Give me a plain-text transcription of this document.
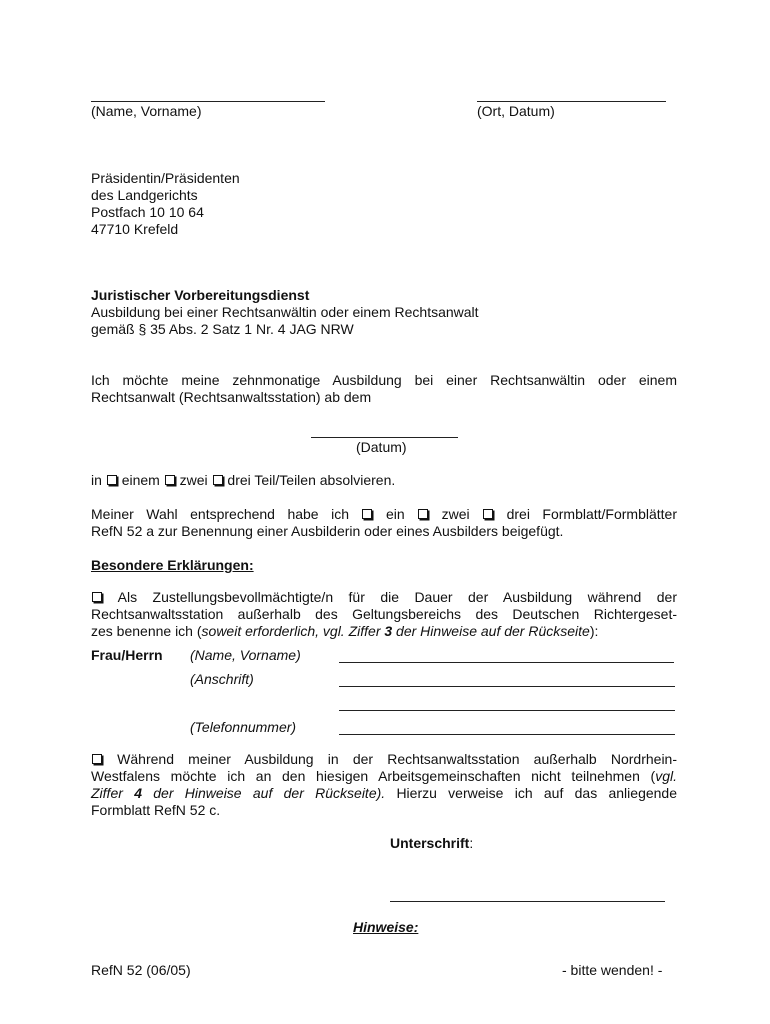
(Name, Vorname)	(Ort, Datum)
Präsidentin/Präsidenten
des Landgerichts
Postfach 10 10 64
47710 Krefeld
Juristischer Vorbereitungsdienst
Ausbildung bei einer Rechtsanwältin oder einem Rechtsanwalt
gemäß § 35 Abs. 2 Satz 1 Nr. 4 JAG NRW
Ich möchte meine zehnmonatige Ausbildung bei einer Rechtsanwältin oder einem
Rechtsanwalt (Rechtsanwaltsstation) ab dem
(Datum)
in einem zwei drei Teil/Teilen absolvieren.
Meiner Wahl entsprechend habe ich	ein	zwei	drei Formblatt/Formblätter
RefN 52 a zur Benennung einer Ausbilderin oder eines Ausbilders beigefügt.
Besondere Erklärungen:
Als Zustellungsbevollmächtigte/n für die Dauer der Ausbildung während der
Rechtsanwaltsstation außerhalb des Geltungsbereichs des Deutschen Richtergeset-
zes benenne ich (soweit erforderlich, vgl. Ziffer 3 der Hinweise auf der Rückseite):
Frau/Herrn (Name, Vorname)
(Anschrift)
(Telefonnummer)
Während meiner Ausbildung in der Rechtsanwaltsstation außerhalb Nordrhein-
Westfalens möchte ich an den hiesigen Arbeitsgemeinschaften nicht teilnehmen (vgl.
Ziffer 4 der Hinweise auf der Rückseite). Hierzu verweise ich auf das anliegende
Formblatt RefN 52 c.
Unterschrift:
Hinweise:
RefN 52 (06/05)	- bitte wenden! -
